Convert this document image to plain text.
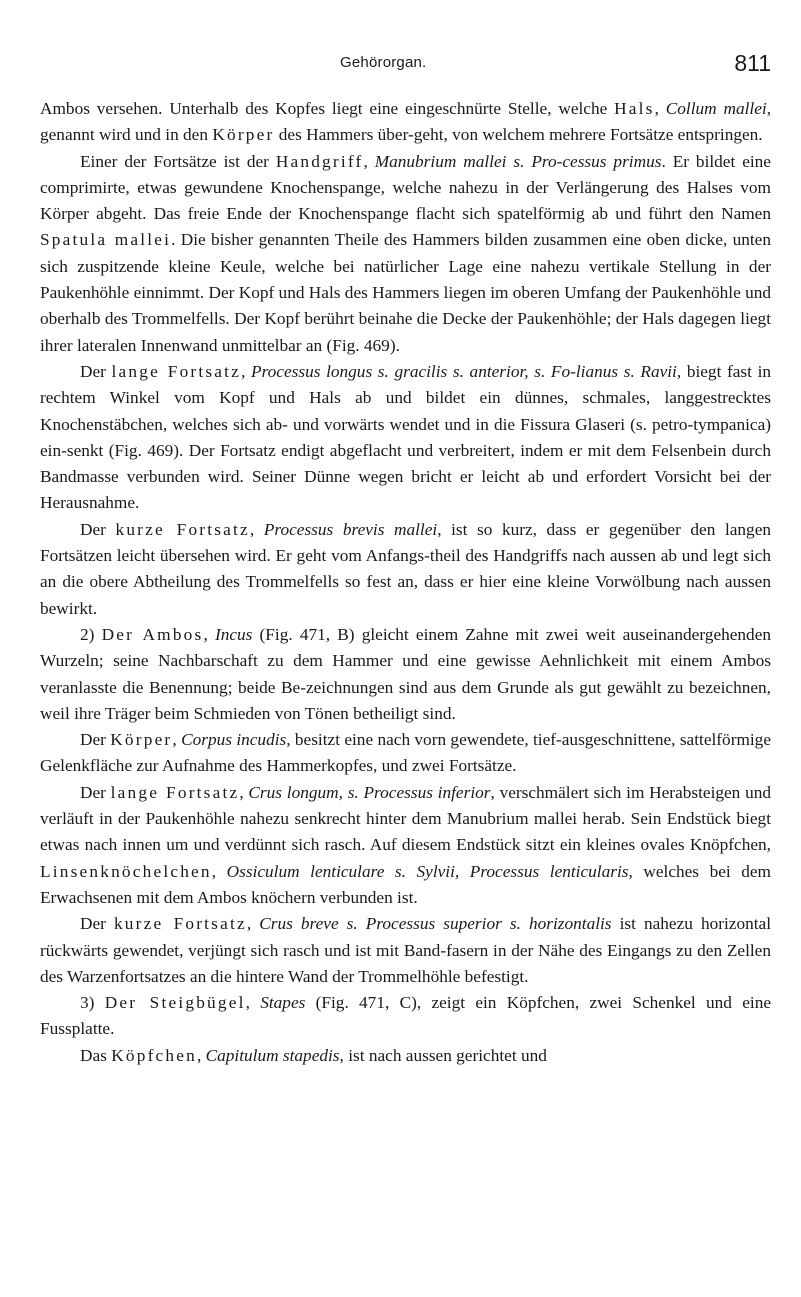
Gehörorgan.	811

Ambos versehen. Unterhalb des Kopfes liegt eine eingeschnürte Stelle, welche Hals, Collum mallei, genannt wird und in den Körper des Hammers über-geht, von welchem mehrere Fortsätze entspringen.

Einer der Fortsätze ist der Handgriff, Manubrium mallei s. Pro-cessus primus. Er bildet eine comprimirte, etwas gewundene Knochenspange, welche nahezu in der Verlängerung des Halses vom Körper abgeht. Das freie Ende der Knochenspange flacht sich spatelförmig ab und führt den Namen Spatula mallei. Die bisher genannten Theile des Hammers bilden zusammen eine oben dicke, unten sich zuspitzende kleine Keule, welche bei natürlicher Lage eine nahezu vertikale Stellung in der Paukenhöhle einnimmt. Der Kopf und Hals des Hammers liegen im oberen Umfang der Paukenhöhle und oberhalb des Trommelfells. Der Kopf berührt beinahe die Decke der Paukenhöhle; der Hals dagegen liegt ihrer lateralen Innenwand unmittelbar an (Fig. 469).

Der lange Fortsatz, Processus longus s. gracilis s. anterior, s. Fo-lianus s. Ravii, biegt fast in rechtem Winkel vom Kopf und Hals ab und bildet ein dünnes, schmales, langgestrecktes Knochenstäbchen, welches sich ab- und vorwärts wendet und in die Fissura Glaseri (s. petro-tympanica) ein-senkt (Fig. 469). Der Fortsatz endigt abgeflacht und verbreitert, indem er mit dem Felsenbein durch Bandmasse verbunden wird. Seiner Dünne wegen bricht er leicht ab und erfordert Vorsicht bei der Herausnahme.

Der kurze Fortsatz, Processus brevis mallei, ist so kurz, dass er gegenüber den langen Fortsätzen leicht übersehen wird. Er geht vom Anfangs-theil des Handgriffs nach aussen ab und legt sich an die obere Abtheilung des Trommelfells so fest an, dass er hier eine kleine Vorwölbung nach aussen bewirkt.

2) Der Ambos, Incus (Fig. 471, B) gleicht einem Zahne mit zwei weit auseinandergehenden Wurzeln; seine Nachbarschaft zu dem Hammer und eine gewisse Aehnlichkeit mit einem Ambos veranlasste die Benennung; beide Be-zeichnungen sind aus dem Grunde als gut gewählt zu bezeichnen, weil ihre Träger beim Schmieden von Tönen betheiligt sind.

Der Körper, Corpus incudis, besitzt eine nach vorn gewendete, tief-ausgeschnittene, sattelförmige Gelenkfläche zur Aufnahme des Hammerkopfes, und zwei Fortsätze.

Der lange Fortsatz, Crus longum, s. Processus inferior, verschmälert sich im Herabsteigen und verläuft in der Paukenhöhle nahezu senkrecht hinter dem Manubrium mallei herab. Sein Endstück biegt etwas nach innen um und verdünnt sich rasch. Auf diesem Endstück sitzt ein kleines ovales Knöpfchen, Linsenknöchelchen, Ossiculum lenticulare s. Sylvii, Processus lenticularis, welches bei dem Erwachsenen mit dem Ambos knöchern verbunden ist.

Der kurze Fortsatz, Crus breve s. Processus superior s. horizontalis ist nahezu horizontal rückwärts gewendet, verjüngt sich rasch und ist mit Band-fasern in der Nähe des Eingangs zu den Zellen des Warzenfortsatzes an die hintere Wand der Trommelhöhle befestigt.

3) Der Steigbügel, Stapes (Fig. 471, C), zeigt ein Köpfchen, zwei Schenkel und eine Fussplatte.

Das Köpfchen, Capitulum stapedis, ist nach aussen gerichtet und
